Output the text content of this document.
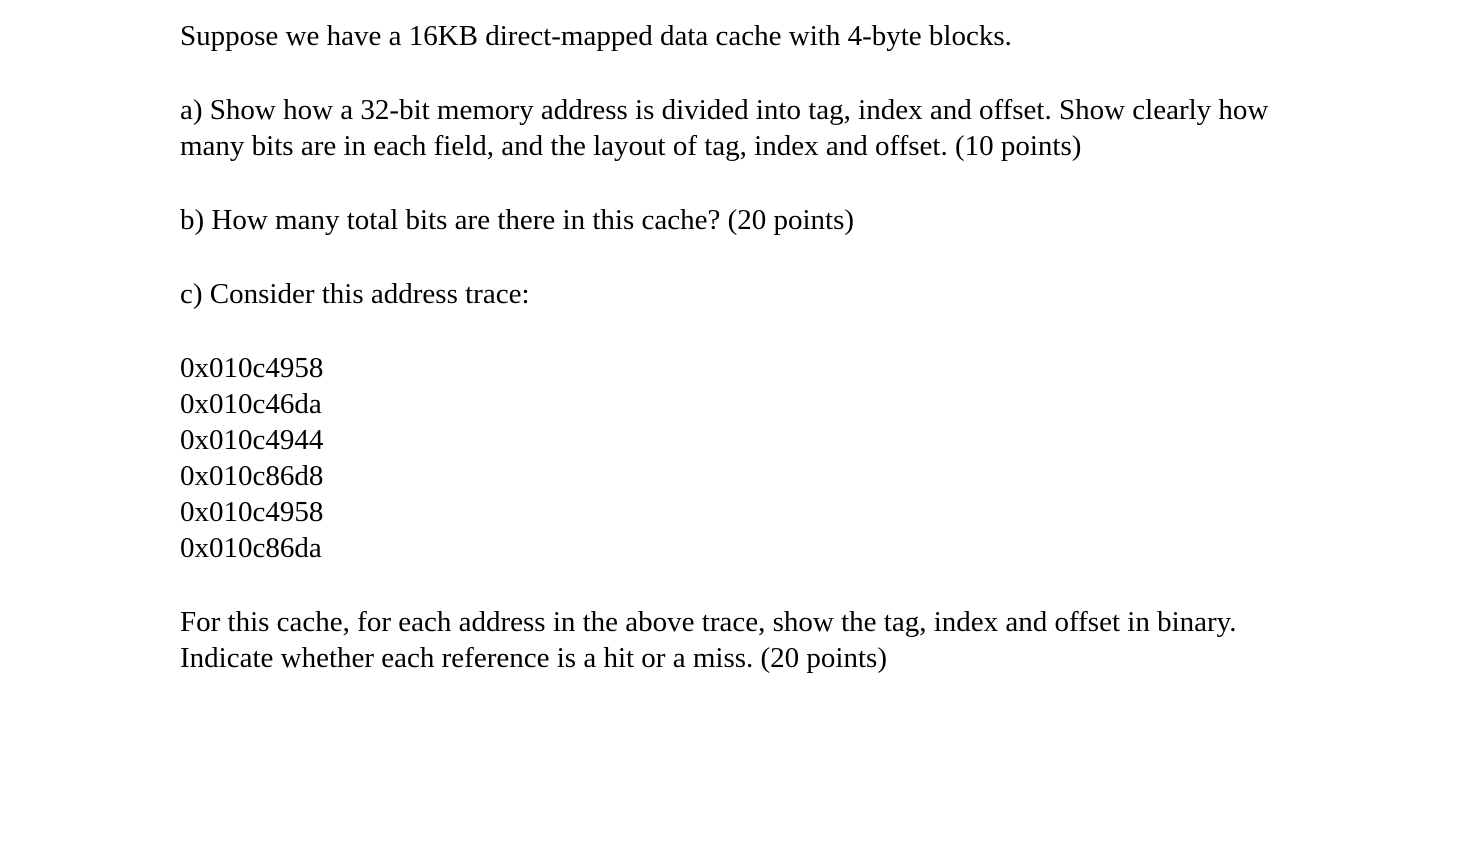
Suppose we have a 16KB direct-mapped data cache with 4-byte blocks.

a) Show how a 32-bit memory address is divided into tag, index and offset. Show clearly how

many bits are in each field, and the layout of tag, index and offset. (10 points)

b) How many total bits are there in this cache? (20 points)

c) Consider this address trace:

0x010c4958
0x010c46da
0x010c4944
0x010c86d8
0x010c4958
0x010c86da

For this cache, for each address in the above trace, show the tag, index and offset in binary.

Indicate whether each reference is a hit or a miss. (20 points)
